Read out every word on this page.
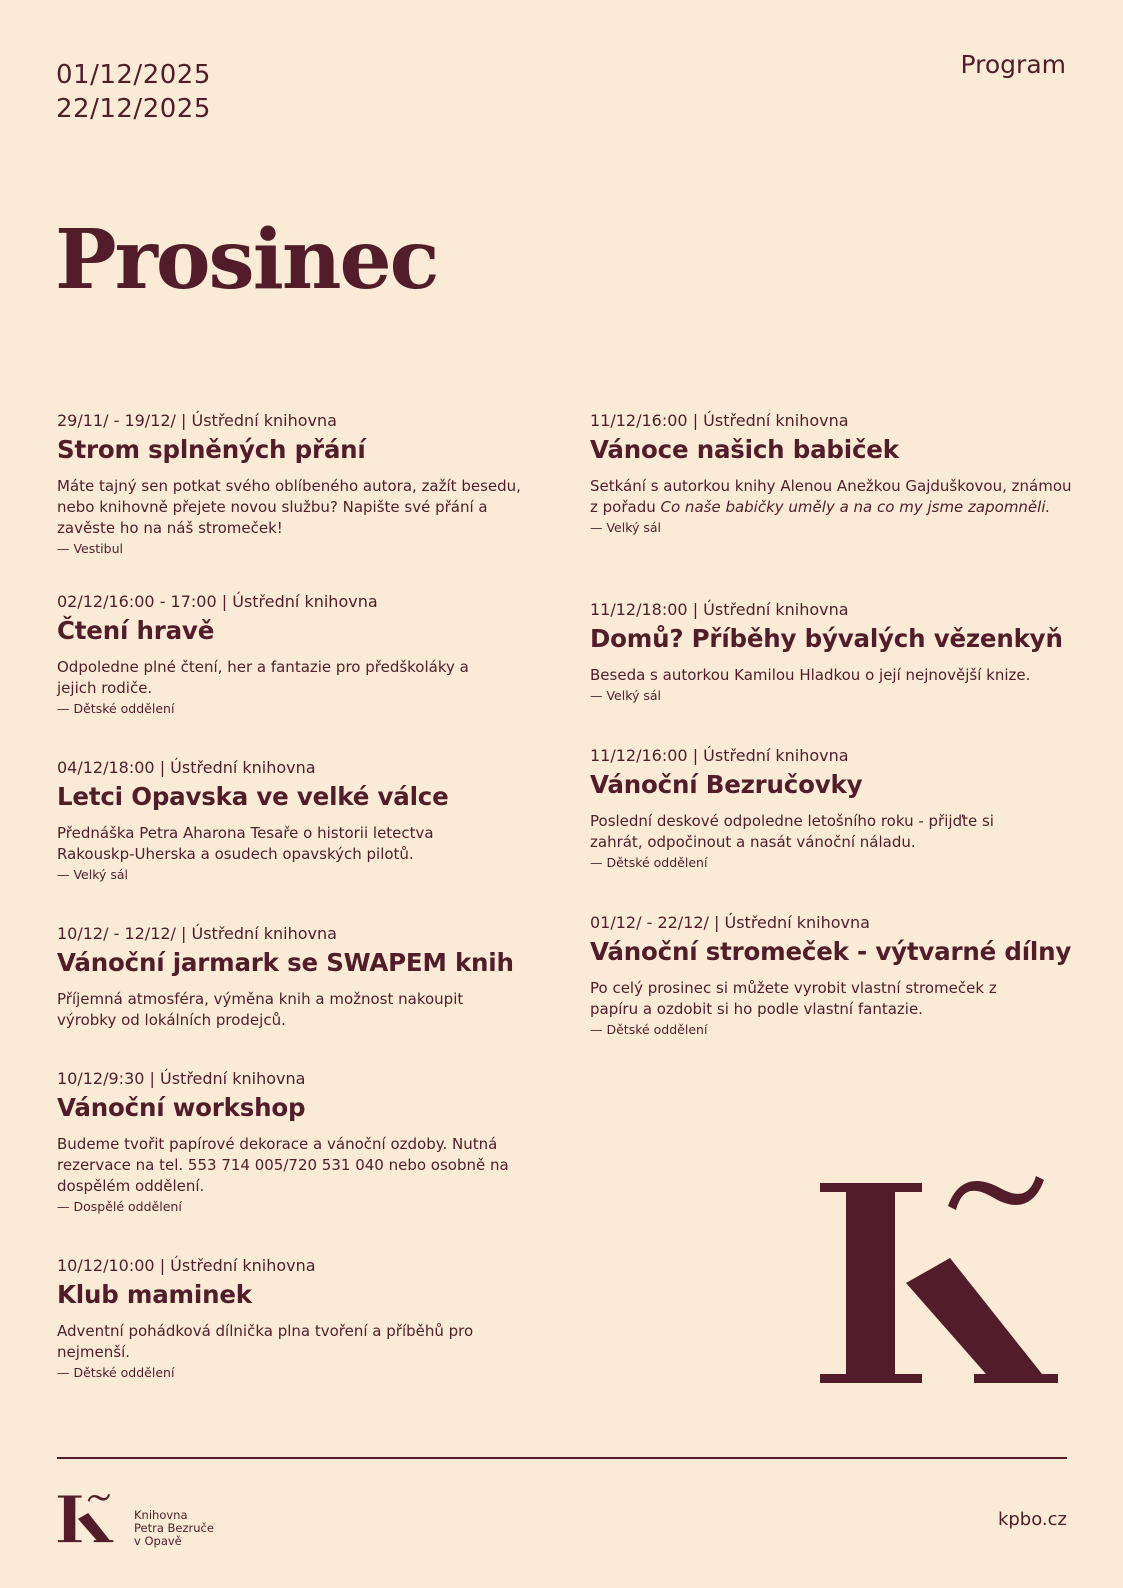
01/12/2025
22/12/2025
Program
Prosinec
29/11/ - 19/12/ | Ústřední knihovna
Strom splněných přání
Máte tajný sen potkat svého oblíbeného autora, zažít besedu, nebo knihovně přejete novou službu? Napište své přání a zavěste ho na náš stromeček!
— Vestibul
02/12/16:00 - 17:00 | Ústřední knihovna
Čtení hravě
Odpoledne plné čtení, her a fantazie pro předškoláky a jejich rodiče.
— Dětské oddělení
04/12/18:00 | Ústřední knihovna
Letci Opavska ve velké válce
Přednáška Petra Aharona Tesaře o historii letectva Rakouskp-Uherska a osudech opavských pilotů.
— Velký sál
10/12/ - 12/12/ | Ústřední knihovna
Vánoční jarmark se SWAPEM knih
Příjemná atmosféra, výměna knih a možnost nakoupit výrobky od lokálních prodejců.
10/12/9:30 | Ústřední knihovna
Vánoční workshop
Budeme tvořit papírové dekorace a vánoční ozdoby. Nutná rezervace na tel. 553 714 005/720 531 040 nebo osobně na dospělém oddělení.
— Dospělé oddělení
10/12/10:00 | Ústřední knihovna
Klub maminek
Adventní pohádková dílnička plna tvoření a příběhů pro nejmenší.
— Dětské oddělení
11/12/16:00 | Ústřední knihovna
Vánoce našich babiček
Setkání s autorkou knihy Alenou Anežkou Gajduškovou, známou z pořadu Co naše babičky uměly a na co my jsme zapomněli.
— Velký sál
11/12/18:00 | Ústřední knihovna
Domů? Příběhy bývalých vězenkyň
Beseda s autorkou Kamilou Hladkou o její nejnovější knize.
— Velký sál
11/12/16:00 | Ústřední knihovna
Vánoční Bezručovky
Poslední deskové odpoledne letošního roku - přijďte si zahrát, odpočinout a nasát vánoční náladu.
— Dětské oddělení
01/12/ - 22/12/ | Ústřední knihovna
Vánoční stromeček - výtvarné dílny
Po celý prosinec si můžete vyrobit vlastní stromeček z papíru a ozdobit si ho podle vlastní fantazie.
— Dětské oddělení
Knihovna
Petra Bezruče
v Opavě
kpbo.cz
